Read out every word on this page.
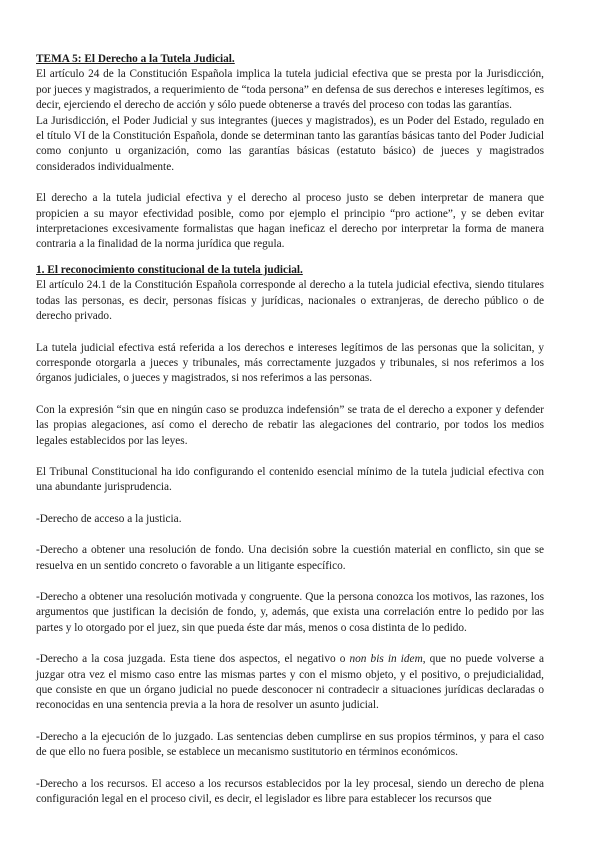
TEMA 5: El Derecho a la Tutela Judicial.

El artículo 24 de la Constitución Española implica la tutela judicial efectiva que se presta por la Jurisdicción, por jueces y magistrados, a requerimiento de “toda persona” en defensa de sus derechos e intereses legítimos, es decir, ejerciendo el derecho de acción y sólo puede obtenerse a través del proceso con todas las garantías.

La Jurisdicción, el Poder Judicial y sus integrantes (jueces y magistrados), es un Poder del Estado, regulado en el título VI de la Constitución Española, donde se determinan tanto las garantías básicas tanto del Poder Judicial como conjunto u organización, como las garantías básicas (estatuto básico) de jueces y magistrados considerados individualmente.

El derecho a la tutela judicial efectiva y el derecho al proceso justo se deben interpretar de manera que propicien a su mayor efectividad posible, como por ejemplo el principio “pro actione”, y se deben evitar interpretaciones excesivamente formalistas que hagan ineficaz el derecho por interpretar la forma de manera contraria a la finalidad de la norma jurídica que regula.

1. El reconocimiento constitucional de la tutela judicial.

El artículo 24.1 de la Constitución Española corresponde al derecho a la tutela judicial efectiva, siendo titulares todas las personas, es decir, personas físicas y jurídicas, nacionales o extranjeras, de derecho público o de derecho privado.

La tutela judicial efectiva está referida a los derechos e intereses legítimos de las personas que la solicitan, y corresponde otorgarla a jueces y tribunales, más correctamente juzgados y tribunales, si nos referimos a los órganos judiciales, o jueces y magistrados, si nos referimos a las personas.

Con la expresión “sin que en ningún caso se produzca indefensión” se trata de el derecho a exponer y defender las propias alegaciones, así como el derecho de rebatir las alegaciones del contrario, por todos los medios legales establecidos por las leyes.

El Tribunal Constitucional ha ido configurando el contenido esencial mínimo de la tutela judicial efectiva con una abundante jurisprudencia.

-Derecho de acceso a la justicia.

-Derecho a obtener una resolución de fondo. Una decisión sobre la cuestión material en conflicto, sin que se resuelva en un sentido concreto o favorable a un litigante específico.

-Derecho a obtener una resolución motivada y congruente. Que la persona conozca los motivos, las razones, los argumentos que justifican la decisión de fondo, y, además, que exista una correlación entre lo pedido por las partes y lo otorgado por el juez, sin que pueda éste dar más, menos o cosa distinta de lo pedido.

-Derecho a la cosa juzgada. Esta tiene dos aspectos, el negativo o non bis in idem, que no puede volverse a juzgar otra vez el mismo caso entre las mismas partes y con el mismo objeto, y el positivo, o prejudicialidad, que consiste en que un órgano judicial no puede desconocer ni contradecir a situaciones jurídicas declaradas o reconocidas en una sentencia previa a la hora de resolver un asunto judicial.

-Derecho a la ejecución de lo juzgado. Las sentencias deben cumplirse en sus propios términos, y para el caso de que ello no fuera posible, se establece un mecanismo sustitutorio en términos económicos.

-Derecho a los recursos. El acceso a los recursos establecidos por la ley procesal, siendo un derecho de plena configuración legal en el proceso civil, es decir, el legislador es libre para establecer los recursos que
